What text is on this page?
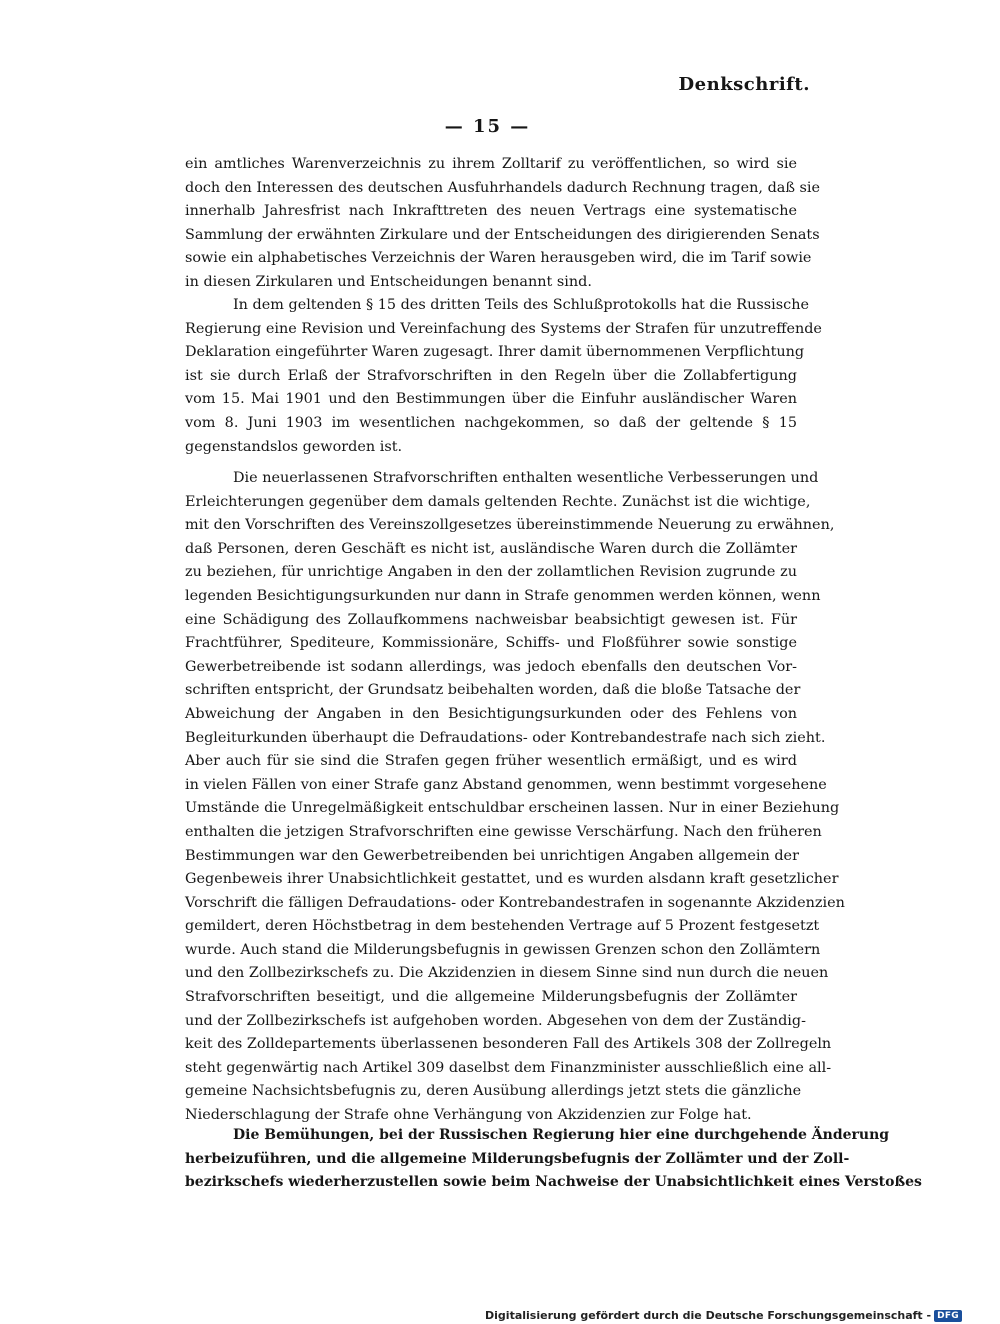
Denkschrift.
— 15 —
ein amtliches Warenverzeichnis zu ihrem Zolltarif zu veröffentlichen, so wird sie
doch den Interessen des deutschen Ausfuhrhandels dadurch Rechnung tragen, daß sie
innerhalb Jahresfrist nach Inkrafttreten des neuen Vertrags eine systematische
Sammlung der erwähnten Zirkulare und der Entscheidungen des dirigierenden Senats
sowie ein alphabetisches Verzeichnis der Waren herausgeben wird, die im Tarif sowie
in diesen Zirkularen und Entscheidungen benannt sind.
In dem geltenden § 15 des dritten Teils des Schlußprotokolls hat die Russische
Regierung eine Revision und Vereinfachung des Systems der Strafen für unzutreffende
Deklaration eingeführter Waren zugesagt. Ihrer damit übernommenen Verpflichtung
ist sie durch Erlaß der Strafvorschriften in den Regeln über die Zollabfertigung
vom 15. Mai 1901 und den Bestimmungen über die Einfuhr ausländischer Waren
vom 8. Juni 1903 im wesentlichen nachgekommen, so daß der geltende § 15
gegenstandslos geworden ist.
Die neuerlassenen Strafvorschriften enthalten wesentliche Verbesserungen und
Erleichterungen gegenüber dem damals geltenden Rechte. Zunächst ist die wichtige,
mit den Vorschriften des Vereinszollgesetzes übereinstimmende Neuerung zu erwähnen,
daß Personen, deren Geschäft es nicht ist, ausländische Waren durch die Zollämter
zu beziehen, für unrichtige Angaben in den der zollamtlichen Revision zugrunde zu
legenden Besichtigungsurkunden nur dann in Strafe genommen werden können, wenn
eine Schädigung des Zollaufkommens nachweisbar beabsichtigt gewesen ist. Für
Frachtführer, Spediteure, Kommissionäre, Schiffs- und Floßführer sowie sonstige
Gewerbetreibende ist sodann allerdings, was jedoch ebenfalls den deutschen Vor-
schriften entspricht, der Grundsatz beibehalten worden, daß die bloße Tatsache der
Abweichung der Angaben in den Besichtigungsurkunden oder des Fehlens von
Begleiturkunden überhaupt die Defraudations- oder Kontrebandestrafe nach sich zieht.
Aber auch für sie sind die Strafen gegen früher wesentlich ermäßigt, und es wird
in vielen Fällen von einer Strafe ganz Abstand genommen, wenn bestimmt vorgesehene
Umstände die Unregelmäßigkeit entschuldbar erscheinen lassen. Nur in einer Beziehung
enthalten die jetzigen Strafvorschriften eine gewisse Verschärfung. Nach den früheren
Bestimmungen war den Gewerbetreibenden bei unrichtigen Angaben allgemein der
Gegenbeweis ihrer Unabsichtlichkeit gestattet, und es wurden alsdann kraft gesetzlicher
Vorschrift die fälligen Defraudations- oder Kontrebandestrafen in sogenannte Akzidenzien
gemildert, deren Höchstbetrag in dem bestehenden Vertrage auf 5 Prozent festgesetzt
wurde. Auch stand die Milderungsbefugnis in gewissen Grenzen schon den Zollämtern
und den Zollbezirkschefs zu. Die Akzidenzien in diesem Sinne sind nun durch die neuen
Strafvorschriften beseitigt, und die allgemeine Milderungsbefugnis der Zollämter
und der Zollbezirkschefs ist aufgehoben worden. Abgesehen von dem der Zuständig-
keit des Zolldepartements überlassenen besonderen Fall des Artikels 308 der Zollregeln
steht gegenwärtig nach Artikel 309 daselbst dem Finanzminister ausschließlich eine all-
gemeine Nachsichtsbefugnis zu, deren Ausübung allerdings jetzt stets die gänzliche
Niederschlagung der Strafe ohne Verhängung von Akzidenzien zur Folge hat.
Die Bemühungen, bei der Russischen Regierung hier eine durchgehende Änderung
herbeizuführen, und die allgemeine Milderungsbefugnis der Zollämter und der Zoll-
bezirkschefs wiederherzustellen sowie beim Nachweise der Unabsichtlichkeit eines Verstoßes
Digitalisierung gefördert durch die Deutsche Forschungsgemeinschaft - DFG
